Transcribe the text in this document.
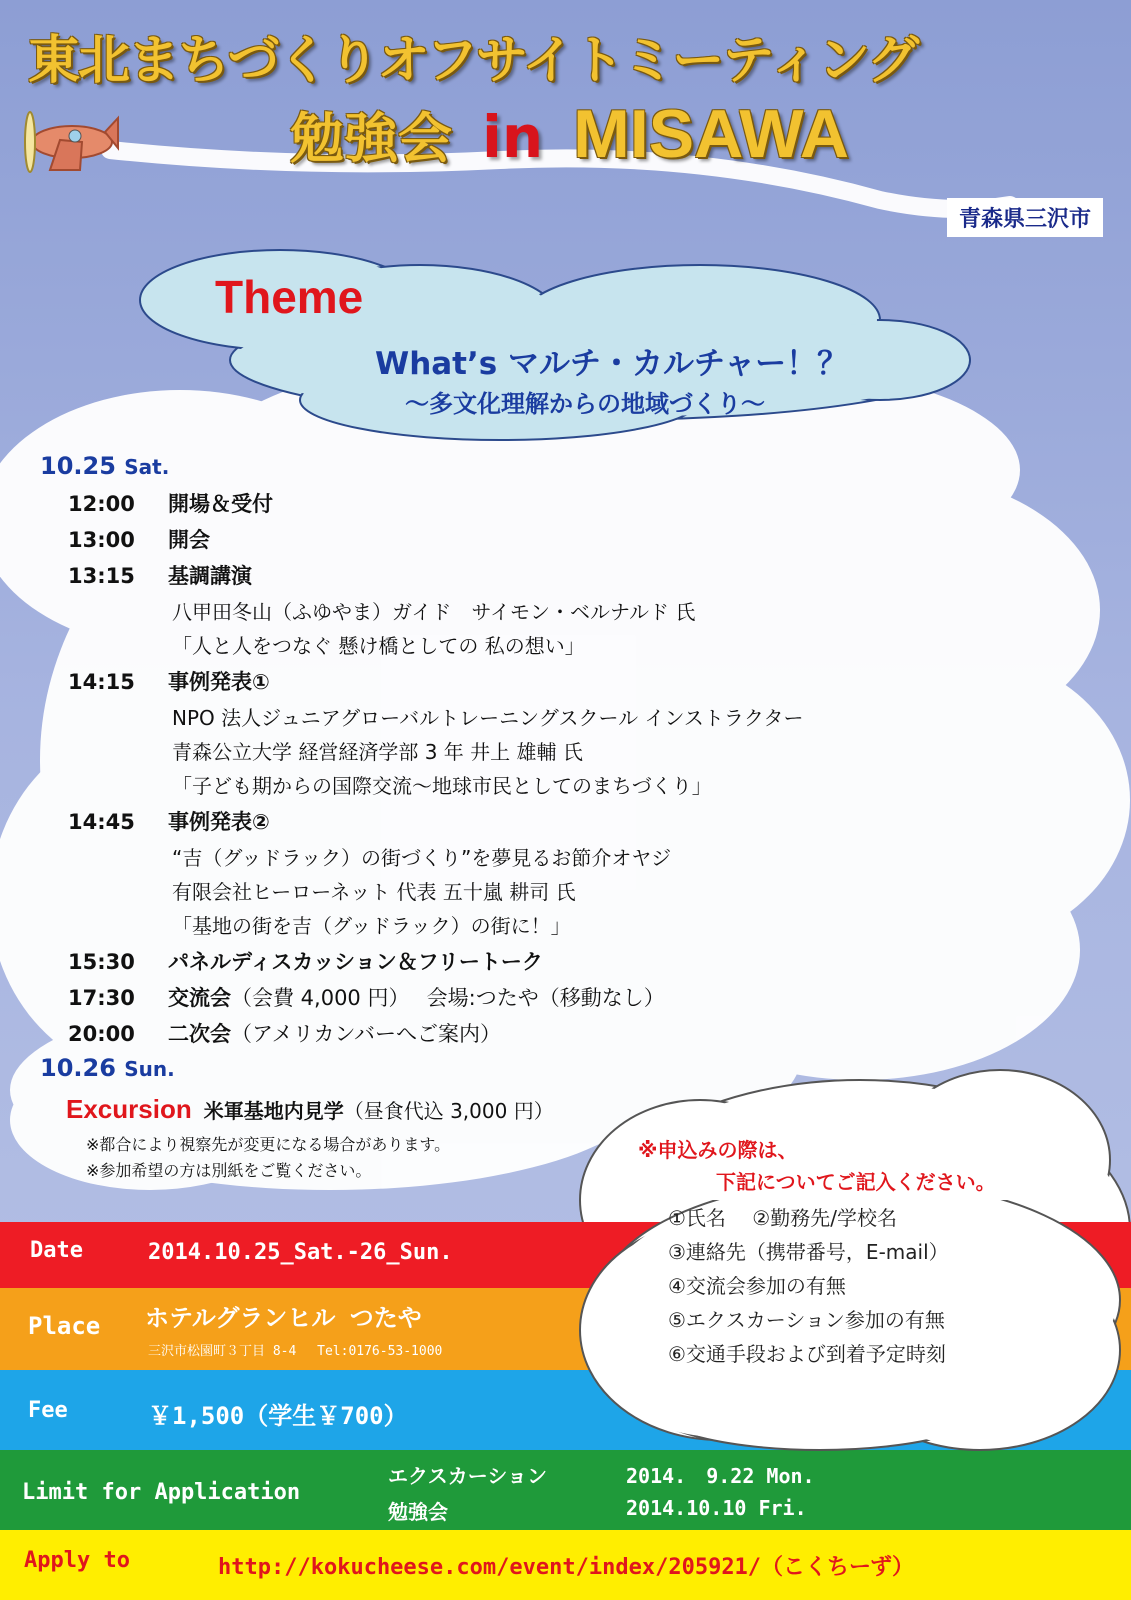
東北まちづくりオフサイトミーティング
勉強会 in MISAWA
青森県三沢市
Theme
What’s マルチ・カルチャー！？
～多文化理解からの地域づくり～
10.25 Sat.
12:00 開場＆受付
13:00 開会
13:15 基調講演
八甲田冬山（ふゆやま）ガイド　サイモン・ベルナルド 氏
「人と人をつなぐ 懸け橋としての 私の想い」
14:15 事例発表①
NPO 法人ジュニアグローバルトレーニングスクール インストラクター
青森公立大学 経営経済学部 3 年 井上 雄輔 氏
「子ども期からの国際交流～地球市民としてのまちづくり」
14:45 事例発表②
“吉（グッドラック）の街づくり”を夢見るお節介オヤジ
有限会社ヒーローネット 代表 五十嵐 耕司 氏
「基地の街を吉（グッドラック）の街に！」
15:30 パネルディスカッション＆フリートーク
17:30 交流会（会費 4,000 円）　 会場:つたや（移動なし）
20:00 二次会（アメリカンバーへご案内）
10.26 Sun.
Excursion 米軍基地内見学（昼食代込 3,000 円）
※都合により視察先が変更になる場合があります。
※参加希望の方は別紙をご覧ください。
Date	2014.10.25_Sat.-26_Sun.
Place ホテルグランヒル つたや
三沢市松園町３丁目 8-4　 Tel:0176-53-1000
Fee	￥1,500（学生￥700）
Limit for Application
エクスカーション	2014.　9.22 Mon.
勉強会	2014.10.10 Fri.
Apply to	http://kokucheese.com/event/index/205921/（こくちーず）
※申込みの際は、
下記についてご記入ください。
①氏名　 ②勤務先/学校名
③連絡先（携帯番号，E-mail）
④交流会参加の有無
⑤エクスカーション参加の有無
⑥交通手段および到着予定時刻
